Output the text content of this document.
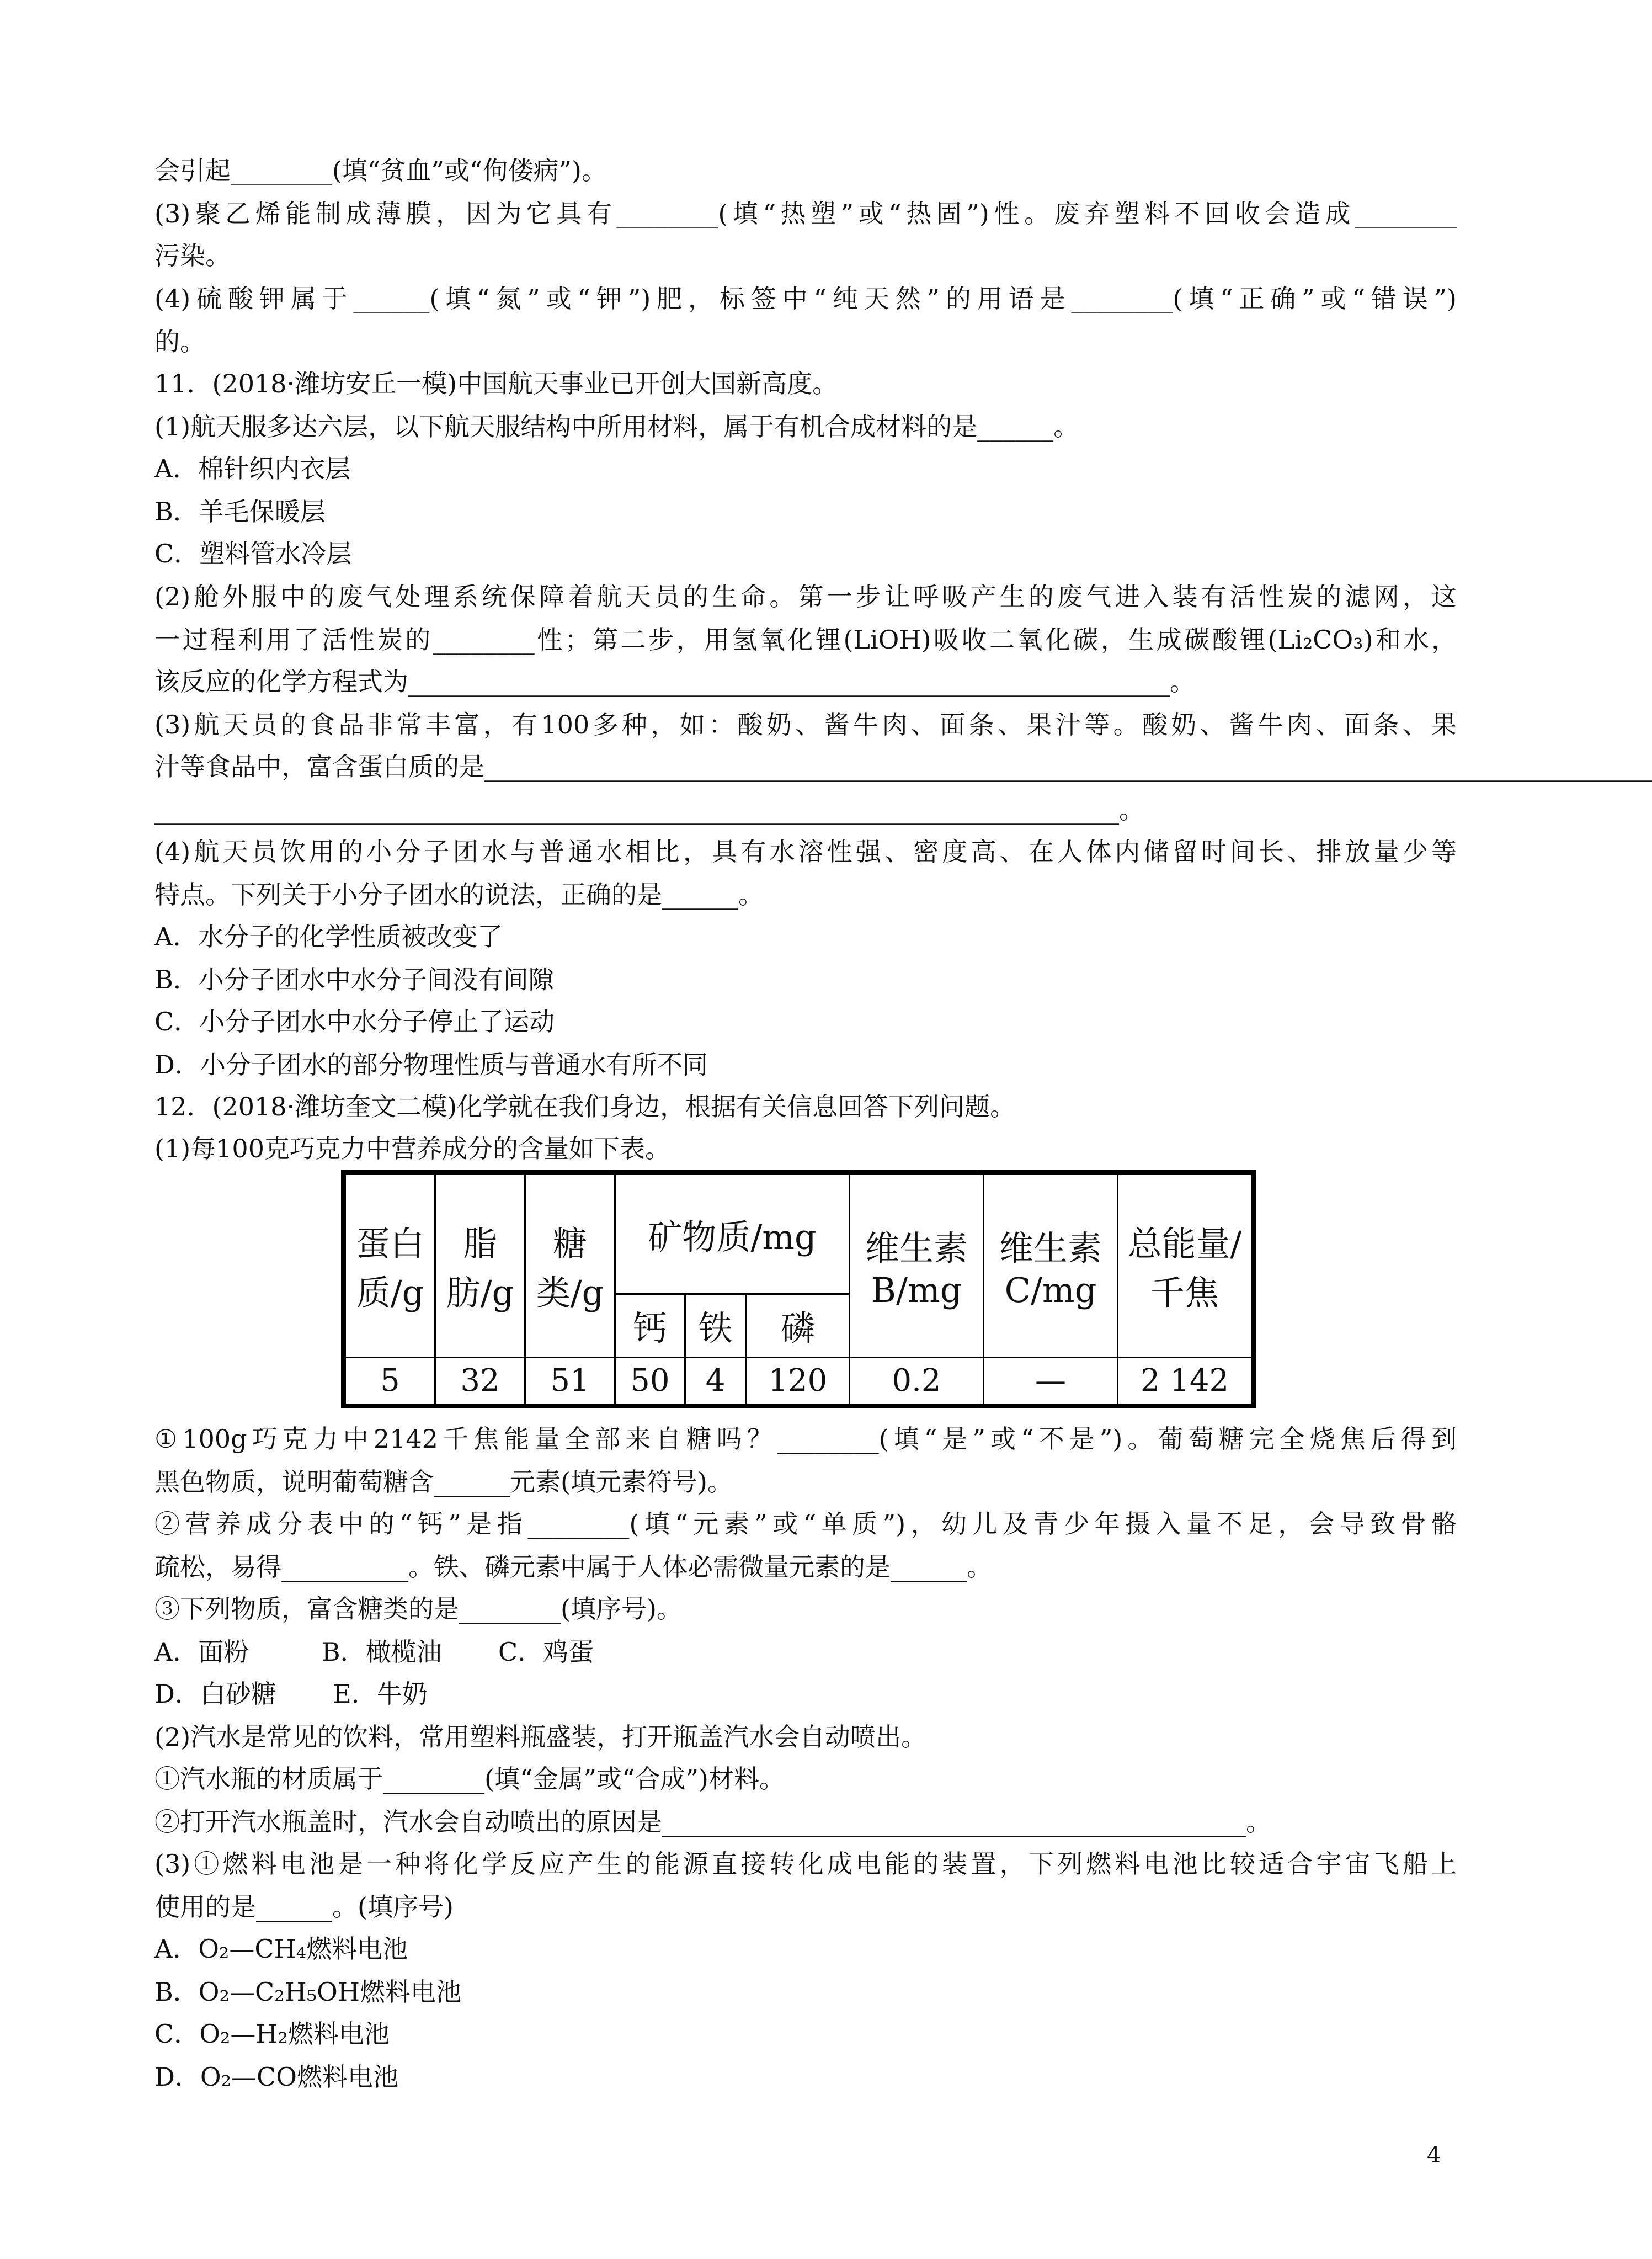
会引起________(填“贫血”或“佝偻病”)。
(3)聚乙烯能制成薄膜，因为它具有________(填“热塑”或“热固”)性。废弃塑料不回收会造成________
污染。
(4)硫酸钾属于______(填“氮”或“钾”)肥，标签中“纯天然”的用语是________(填“正确”或“错误”)
的。
11．(2018·潍坊安丘一模)中国航天事业已开创大国新高度。
(1)航天服多达六层，以下航天服结构中所用材料，属于有机合成材料的是______。
A．棉针织内衣层
B．羊毛保暖层
C．塑料管水冷层
(2)舱外服中的废气处理系统保障着航天员的生命。第一步让呼吸产生的废气进入装有活性炭的滤网，这
一过程利用了活性炭的________性；第二步，用氢氧化锂(LiOH)吸收二氧化碳，生成碳酸锂(Li₂CO₃)和水，
该反应的化学方程式为____________________________________________________________。
(3)航天员的食品非常丰富，有100多种，如：酸奶、酱牛肉、面条、果汁等。酸奶、酱牛肉、面条、果
汁等食品中，富含蛋白质的是____________________________________________________________________________________________
____________________________________________________________________________。
(4)航天员饮用的小分子团水与普通水相比，具有水溶性强、密度高、在人体内储留时间长、排放量少等
特点。下列关于小分子团水的说法，正确的是______。
A．水分子的化学性质被改变了
B．小分子团水中水分子间没有间隙
C．小分子团水中水分子停止了运动
D．小分子团水的部分物理性质与普通水有所不同
12．(2018·潍坊奎文二模)化学就在我们身边，根据有关信息回答下列问题。
(1)每100克巧克力中营养成分的含量如下表。
蛋白质/g	脂肪/g	糖类/g	矿物质/mg			维生素B/mg	维生素C/mg	总能量/千焦
			钙	铁	磷			
5	32	51	50	4	120	0.2	—	2 142
①100g巧克力中2142千焦能量全部来自糖吗？________(填“是”或“不是”)。葡萄糖完全烧焦后得到
黑色物质，说明葡萄糖含______元素(填元素符号)。
②营养成分表中的“钙”是指________(填“元素”或“单质”)，幼儿及青少年摄入量不足，会导致骨骼
疏松，易得__________。铁、磷元素中属于人体必需微量元素的是______。
③下列物质，富含糖类的是________(填序号)。
A．面粉         B．橄榄油       C．鸡蛋
D．白砂糖       E．牛奶
(2)汽水是常见的饮料，常用塑料瓶盛装，打开瓶盖汽水会自动喷出。
①汽水瓶的材质属于________(填“金属”或“合成”)材料。
②打开汽水瓶盖时，汽水会自动喷出的原因是______________________________________________。
(3)①燃料电池是一种将化学反应产生的能源直接转化成电能的装置，下列燃料电池比较适合宇宙飞船上
使用的是______。(填序号)
A．O₂—CH₄燃料电池
B．O₂—C₂H₅OH燃料电池
C．O₂—H₂燃料电池
D．O₂—CO燃料电池
4
